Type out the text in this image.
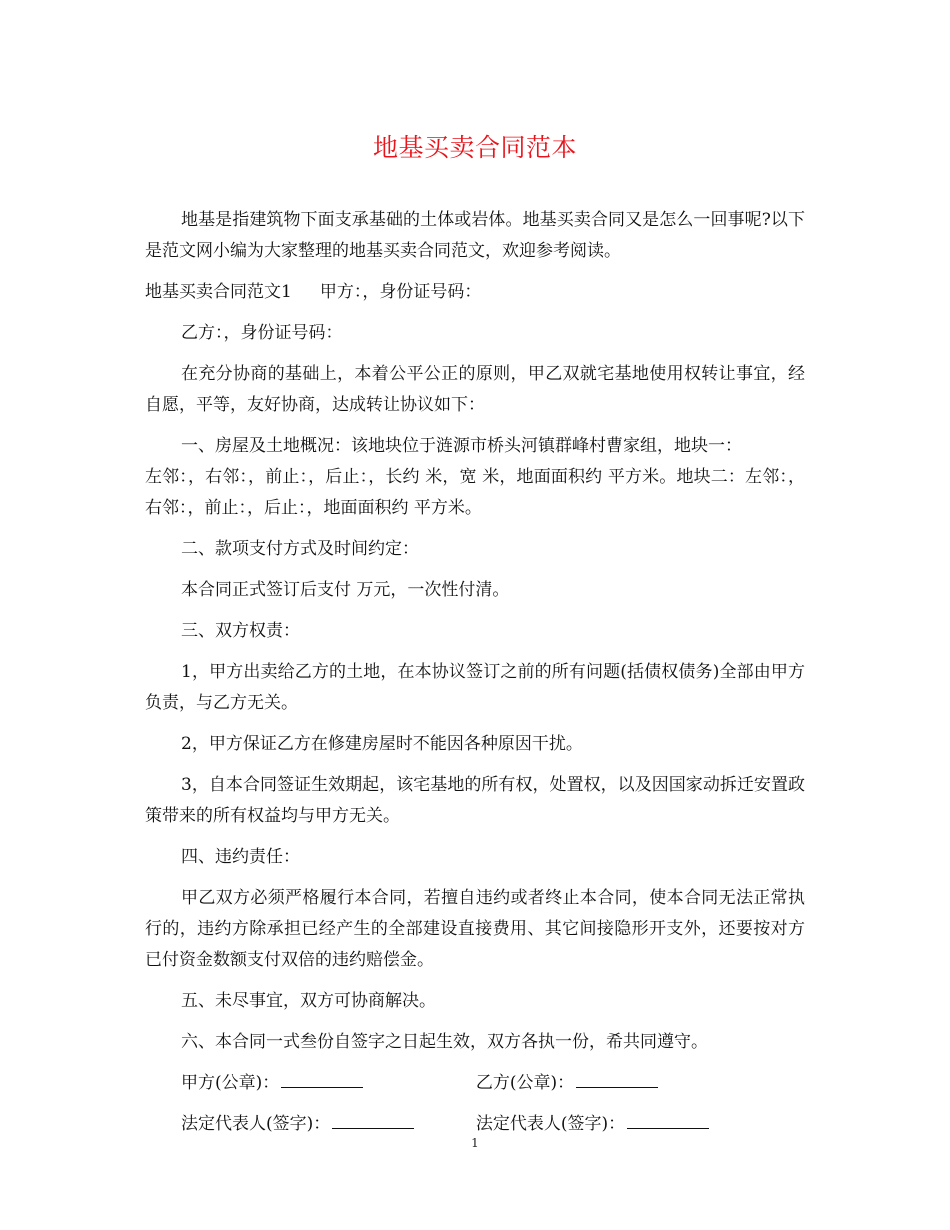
地基买卖合同范本

地基是指建筑物下面支承基础的土体或岩体。地基买卖合同又是怎么一回事呢?以下是范文网小编为大家整理的地基买卖合同范文，欢迎参考阅读。

地基买卖合同范文1 甲方：，身份证号码：

乙方：，身份证号码：

在充分协商的基础上，本着公平公正的原则，甲乙双就宅基地使用权转让事宜，经自愿，平等，友好协商，达成转让协议如下：

一、房屋及土地概况：该地块位于涟源市桥头河镇群峰村曹家组，地块一：

左邻：，右邻：，前止：，后止：，长约 米，宽 米，地面面积约 平方米。地块二：左邻：，右邻：，前止：，后止：，地面面积约 平方米。

二、款项支付方式及时间约定：

本合同正式签订后支付 万元，一次性付清。

三、双方权责：

1，甲方出卖给乙方的土地，在本协议签订之前的所有问题(括债权债务)全部由甲方负责，与乙方无关。

2，甲方保证乙方在修建房屋时不能因各种原因干扰。

3，自本合同签证生效期起，该宅基地的所有权，处置权，以及因国家动拆迁安置政策带来的所有权益均与甲方无关。

四、违约责任：

甲乙双方必须严格履行本合同，若擅自违约或者终止本合同，使本合同无法正常执行的，违约方除承担已经产生的全部建设直接费用、其它间接隐形开支外，还要按对方已付资金数额支付双倍的违约赔偿金。

五、未尽事宜，双方可协商解决。

六、本合同一式叁份自签字之日起生效，双方各执一份，希共同遵守。

甲方(公章)：	乙方(公章)：
法定代表人(签字)：	法定代表人(签字)：
1
